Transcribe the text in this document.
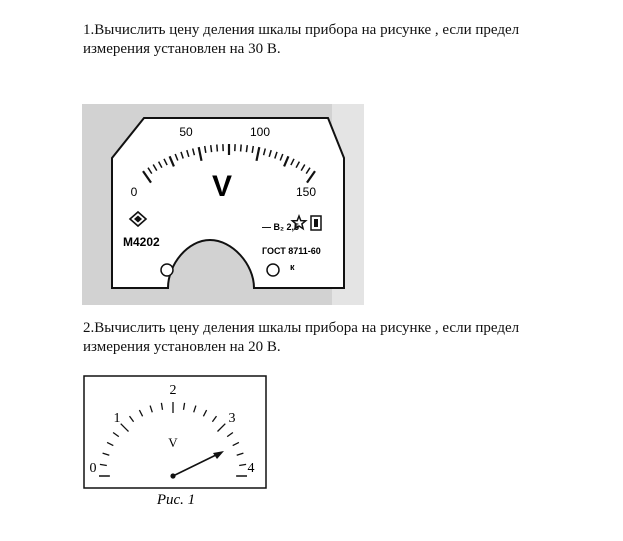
1.Вычислить цену деления шкалы прибора на рисунке , если предел
измерения установлен на 30 В.
0
50	100
150
V
М4202
— В₂ 2,5
ГОСТ 8711-60
к
2.Вычислить цену деления шкалы прибора на рисунке , если предел
измерения установлен на 20 В.
0
1
2
3
4
V
Рис. 1
